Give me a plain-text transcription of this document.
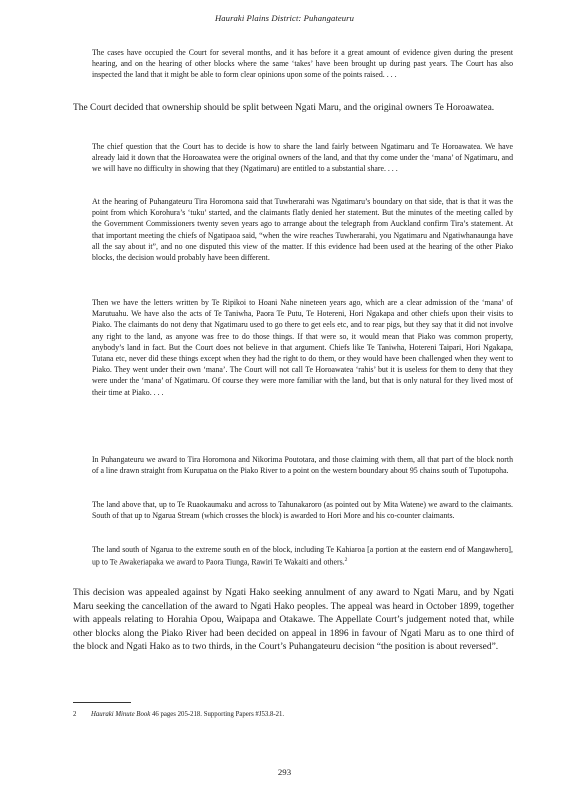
Hauraki Plains District: Puhangateuru

The cases have occupied the Court for several months, and it has before it a great amount of evidence given during the present hearing, and on the hearing of other blocks where the same ‘takes’ have been brought up during past years. The Court has also inspected the land that it might be able to form clear opinions upon some of the points raised. . . .

The Court decided that ownership should be split between Ngati Maru, and the original owners Te Horoawatea.

The chief question that the Court has to decide is how to share the land fairly between Ngatimaru and Te Horoawatea. We have already laid it down that the Horoawatea were the original owners of the land, and that thy come under the ‘mana’ of Ngatimaru, and we will have no difficulty in showing that they (Ngatimaru) are entitled to a substantial share. . . .

At the hearing of Puhangateuru Tira Horomona said that Tuwherarahi was Ngatimaru’s boundary on that side, that is that it was the point from which Korohura’s ‘tuku’ started, and the claimants flatly denied her statement. But the minutes of the meeting called by the Government Commissioners twenty seven years ago to arrange about the telegraph from Auckland confirm Tira’s statement. At that important meeting the chiefs of Ngatipaoa said, “when the wire reaches Tuwherarahi, you Ngatimaru and Ngatiwhanaunga have all the say about it”, and no one disputed this view of the matter. If this evidence had been used at the hearing of the other Piako blocks, the decision would probably have been different.

Then we have the letters written by Te Ripikoi to Hoani Nahe nineteen years ago, which are a clear admission of the ‘mana’ of Marutuahu. We have also the acts of Te Taniwha, Paora Te Putu, Te Hotereni, Hori Ngakapa and other chiefs upon their visits to Piako. The claimants do not deny that Ngatimaru used to go there to get eels etc, and to rear pigs, but they say that it did not involve any right to the land, as anyone was free to do those things. If that were so, it would mean that Piako was common property, anybody’s land in fact. But the Court does not believe in that argument. Chiefs like Te Taniwha, Hotereni Taipari, Hori Ngakapa, Tutana etc, never did these things except when they had the right to do them, or they would have been challenged when they went to Piako. They went under their own ‘mana’. The Court will not call Te Horoawatea ‘rahis’ but it is useless for them to deny that they were under the ‘mana’ of Ngatimaru. Of course they were more familiar with the land, but that is only natural for they lived most of their time at Piako. . . .

In Puhangateuru we award to Tira Horomona and Nikorima Poutotara, and those claiming with them, all that part of the block north of a line drawn straight from Kurupatua on the Piako River to a point on the western boundary about 95 chains south of Tupotupoha.

The land above that, up to Te Ruaokaumaku and across to Tahunakaroro (as pointed out by Mita Watene) we award to the claimants. South of that up to Ngarua Stream (which crosses the block) is awarded to Hori More and his co-counter claimants.

The land south of Ngarua to the extreme south en of the block, including Te Kahiaroa [a portion at the eastern end of Mangawhero], up to Te Awakeriapaka we award to Paora Tiunga, Rawiri Te Wakaiti and others.$^2$

This decision was appealed against by Ngati Hako seeking annulment of any award to Ngati Maru, and by Ngati Maru seeking the cancellation of the award to Ngati Hako peoples. The appeal was heard in October 1899, together with appeals relating to Horahia Opou, Waipapa and Otakawe. The Appellate Court’s judgement noted that, while other blocks along the Piako River had been decided on appeal in 1896 in favour of Ngati Maru as to one third of the block and Ngati Hako as to two thirds, in the Court’s Puhangateuru decision “the position is about reversed”.

2 Hauraki Minute Book 46 pages 205-218. Supporting Papers #J53.8-21.

293
